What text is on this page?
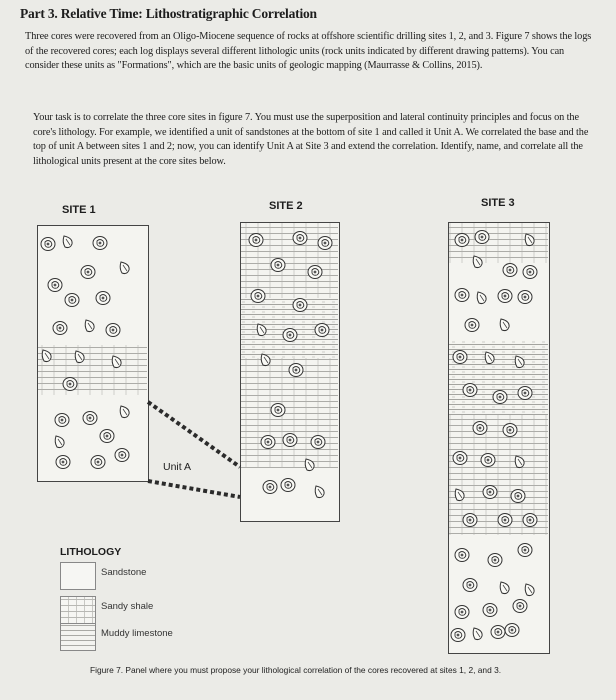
Part 3. Relative Time: Lithostratigraphic Correlation
Three cores were recovered from an Oligo-Miocene sequence of rocks at offshore scientific drilling sites 1, 2, and 3. Figure 7 shows the logs of the recovered cores; each log displays several different lithologic units (rock units indicated by different drawing patterns). You can consider these units as "Formations", which are the basic units of geologic mapping (Maurrasse & Collins, 2015).
Your task is to correlate the three core sites in figure 7. You must use the superposition and lateral continuity principles and focus on the core's lithology. For example, we identified a unit of sandstones at the bottom of site 1 and called it Unit A. We correlated the base and the top of unit A between sites 1 and 2; now, you can identify Unit A at Site 3 and extend the correlation. Identify, name, and correlate all the lithological units present at the core sites below.
SITE 1	SITE 2	SITE 3
Unit A
LITHOLOGY
Sandstone
Sandy shale
Muddy limestone
Figure 7. Panel where you must propose your lithological correlation of the cores recovered at sites 1, 2, and 3.
